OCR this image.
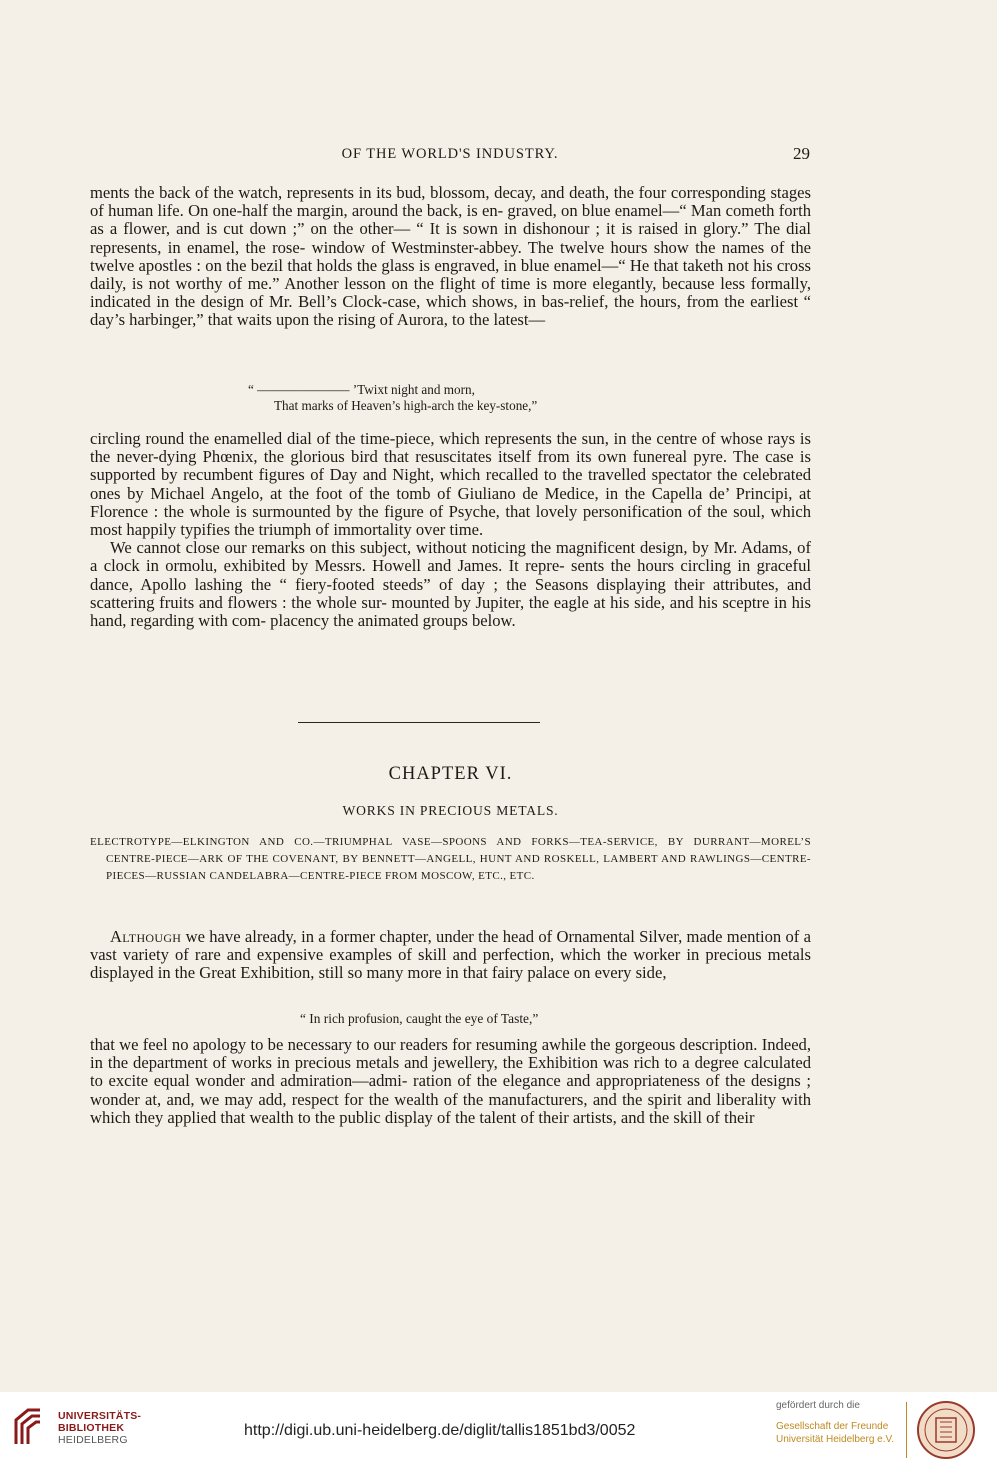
OF THE WORLD'S INDUSTRY.	29

ments the back of the watch, represents in its bud, blossom, decay, and death, the four corresponding stages of human life. On one-half the margin, around the back, is en- graved, on blue enamel—“ Man cometh forth as a flower, and is cut down ;” on the other— “ It is sown in dishonour ; it is raised in glory.” The dial represents, in enamel, the rose- window of Westminster-abbey. The twelve hours show the names of the twelve apostles : on the bezil that holds the glass is engraved, in blue enamel—“ He that taketh not his cross daily, is not worthy of me.” Another lesson on the flight of time is more elegantly, because less formally, indicated in the design of Mr. Bell’s Clock-case, which shows, in bas-relief, the hours, from the earliest “ day’s harbinger,” that waits upon the rising of Aurora, to the latest—

“ ——————— ’Twixt night and morn,
That marks of Heaven’s high-arch the key-stone,”

circling round the enamelled dial of the time-piece, which represents the sun, in the centre of whose rays is the never-dying Phœnix, the glorious bird that resuscitates itself from its own funereal pyre. The case is supported by recumbent figures of Day and Night, which recalled to the travelled spectator the celebrated ones by Michael Angelo, at the foot of the tomb of Giuliano de Medice, in the Capella de’ Principi, at Florence : the whole is surmounted by the figure of Psyche, that lovely personification of the soul, which most happily typifies the triumph of immortality over time.

We cannot close our remarks on this subject, without noticing the magnificent design, by Mr. Adams, of a clock in ormolu, exhibited by Messrs. Howell and James. It repre- sents the hours circling in graceful dance, Apollo lashing the “ fiery-footed steeds” of day ; the Seasons displaying their attributes, and scattering fruits and flowers : the whole sur- mounted by Jupiter, the eagle at his side, and his sceptre in his hand, regarding with com- placency the animated groups below.

CHAPTER VI.
WORKS IN PRECIOUS METALS.
ELECTROTYPE—ELKINGTON AND CO.—TRIUMPHAL VASE—SPOONS AND FORKS—TEA-SERVICE, BY DURRANT—MOREL’S CENTRE-PIECE—ARK OF THE COVENANT, BY BENNETT—ANGELL, HUNT AND ROSKELL, LAMBERT AND RAWLINGS—CENTRE-PIECES—RUSSIAN CANDELABRA—CENTRE-PIECE FROM MOSCOW, ETC., ETC.

Although we have already, in a former chapter, under the head of Ornamental Silver, made mention of a vast variety of rare and expensive examples of skill and perfection, which the worker in precious metals displayed in the Great Exhibition, still so many more in that fairy palace on every side,

“ In rich profusion, caught the eye of Taste,”

that we feel no apology to be necessary to our readers for resuming awhile the gorgeous description. Indeed, in the department of works in precious metals and jewellery, the Exhibition was rich to a degree calculated to excite equal wonder and admiration—admi- ration of the elegance and appropriateness of the designs ; wonder at, and, we may add, respect for the wealth of the manufacturers, and the spirit and liberality with which they applied that wealth to the public display of the talent of their artists, and the skill of their

UNIVERSITÄTS-
BIBLIOTHEK
HEIDELBERG
http://digi.ub.uni-heidelberg.de/diglit/tallis1851bd3/0052
gefördert durch die
Gesellschaft der Freunde
Universität Heidelberg e.V.
